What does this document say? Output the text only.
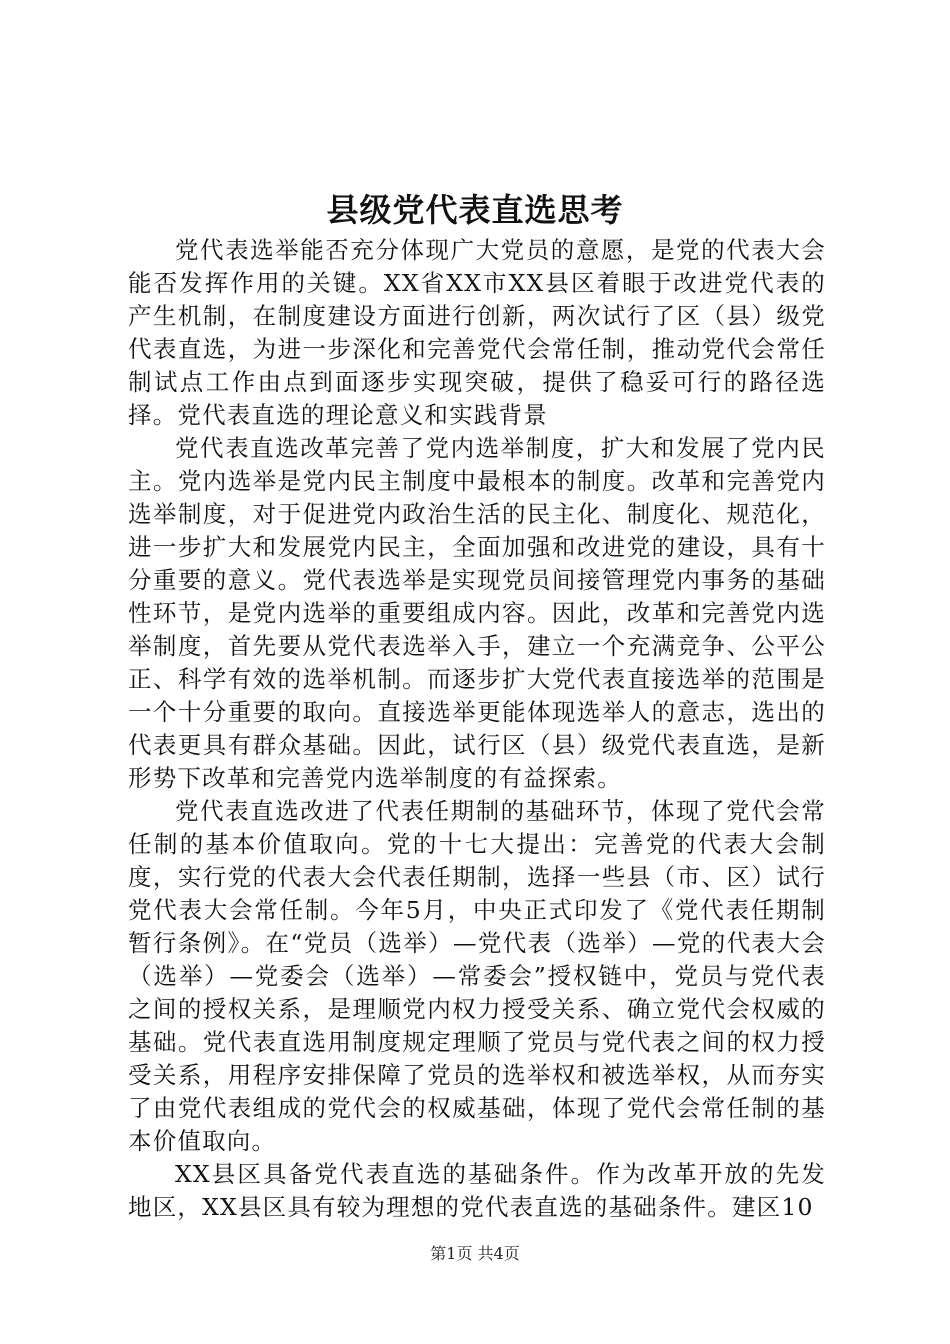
县级党代表直选思考

党代表选举能否充分体现广大党员的意愿，是党的代表大会能否发挥作用的关键。XX省XX市XX县区着眼于改进党代表的产生机制，在制度建设方面进行创新，两次试行了区（县）级党代表直选，为进一步深化和完善党代会常任制，推动党代会常任制试点工作由点到面逐步实现突破，提供了稳妥可行的路径选择。党代表直选的理论意义和实践背景

党代表直选改革完善了党内选举制度，扩大和发展了党内民主。党内选举是党内民主制度中最根本的制度。改革和完善党内选举制度，对于促进党内政治生活的民主化、制度化、规范化，进一步扩大和发展党内民主，全面加强和改进党的建设，具有十分重要的意义。党代表选举是实现党员间接管理党内事务的基础性环节，是党内选举的重要组成内容。因此，改革和完善党内选举制度，首先要从党代表选举入手，建立一个充满竞争、公平公正、科学有效的选举机制。而逐步扩大党代表直接选举的范围是一个十分重要的取向。直接选举更能体现选举人的意志，选出的代表更具有群众基础。因此，试行区（县）级党代表直选，是新形势下改革和完善党内选举制度的有益探索。

党代表直选改进了代表任期制的基础环节，体现了党代会常任制的基本价值取向。党的十七大提出：完善党的代表大会制度，实行党的代表大会代表任期制，选择一些县（市、区）试行党代表大会常任制。今年5月，中央正式印发了《党代表任期制暂行条例》。在“党员（选举）—党代表（选举）—党的代表大会（选举）—党委会（选举）—常委会”授权链中，党员与党代表之间的授权关系，是理顺党内权力授受关系、确立党代会权威的基础。党代表直选用制度规定理顺了党员与党代表之间的权力授受关系，用程序安排保障了党员的选举权和被选举权，从而夯实了由党代表组成的党代会的权威基础，体现了党代会常任制的基本价值取向。

XX县区具备党代表直选的基础条件。作为改革开放的先发地区，XX县区具有较为理想的党代表直选的基础条件。建区10

第1页 共4页
